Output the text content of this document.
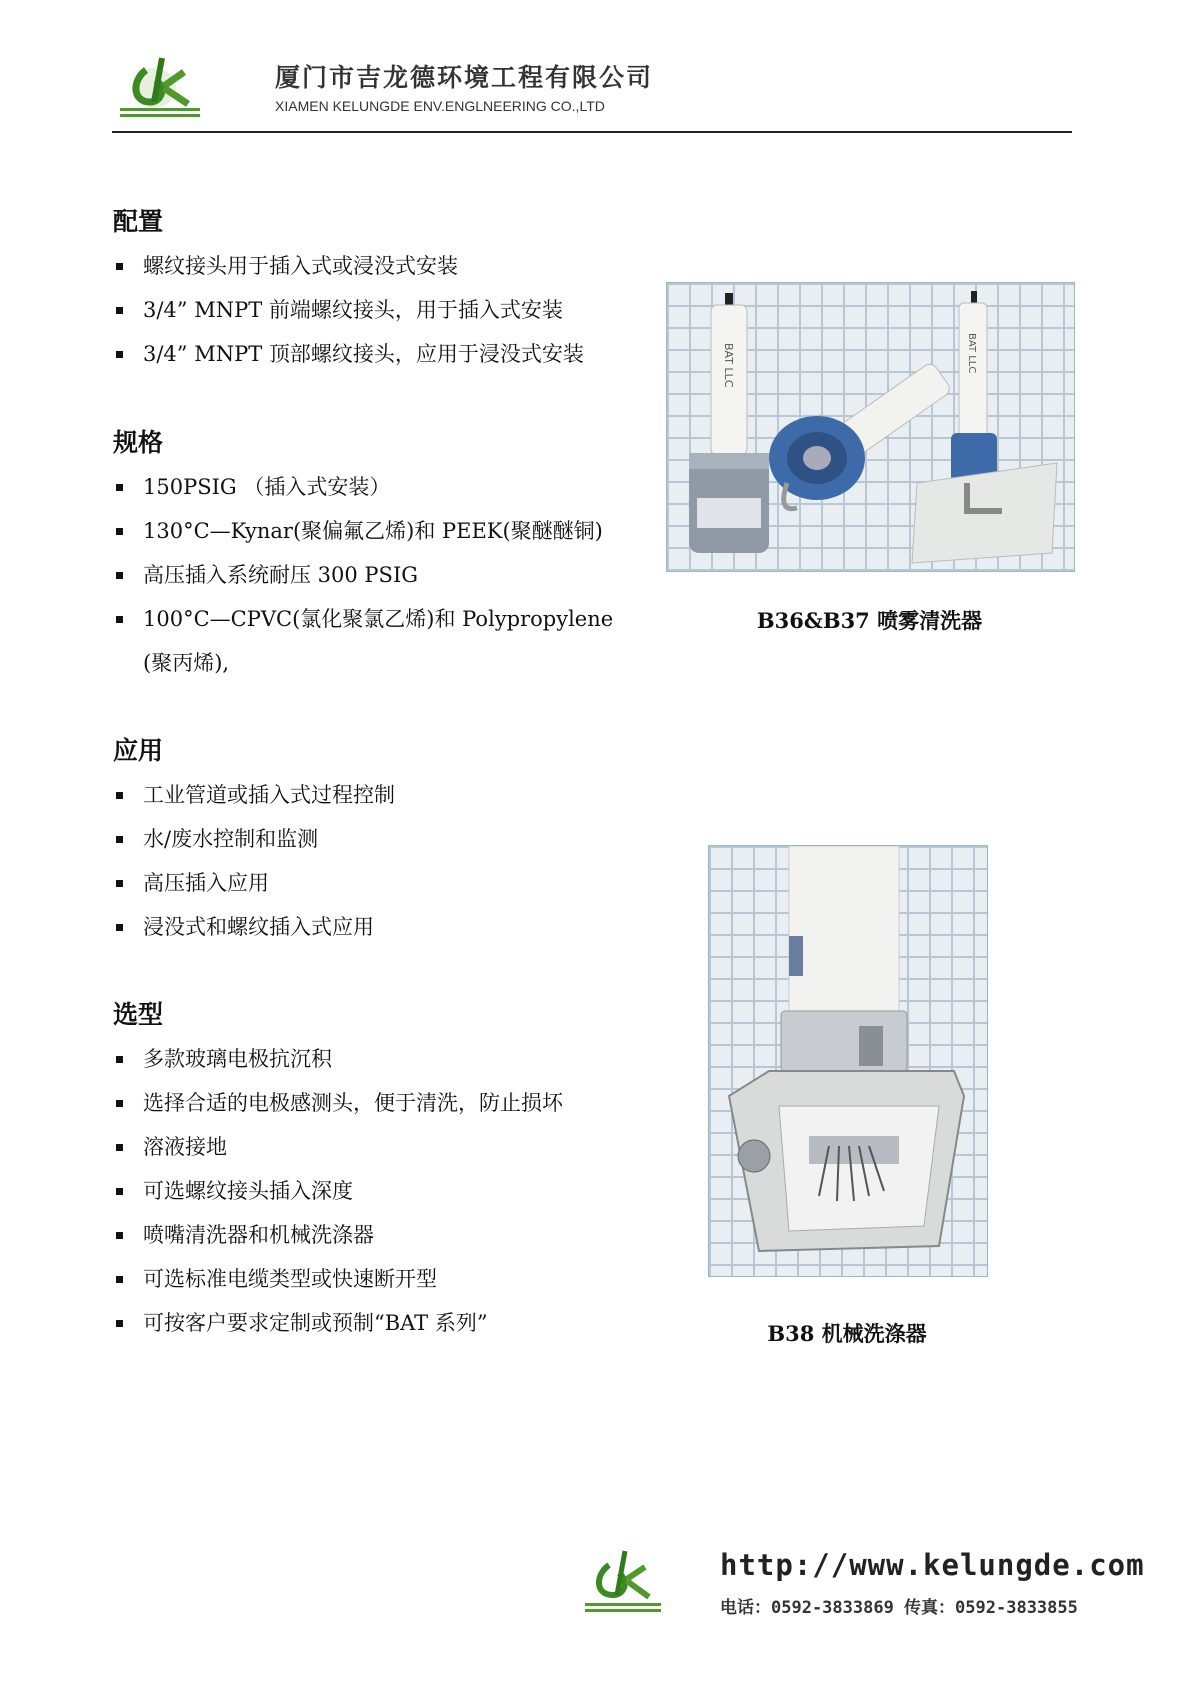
dk
厦门市吉龙德环境工程有限公司
XIAMEN KELUNGDE ENV.ENGLNEERING CO.,LTD
配置
螺纹接头用于插入式或浸没式安装
3/4” MNPT 前端螺纹接头，用于插入式安装
3/4” MNPT 顶部螺纹接头，应用于浸没式安装
规格
150PSIG （插入式安装）
130°C—Kynar(聚偏氟乙烯)和 PEEK(聚醚醚铜)
高压插入系统耐压 300 PSIG
100°C—CPVC(氯化聚氯乙烯)和 Polypropylene (聚丙烯),
应用
工业管道或插入式过程控制
水/废水控制和监测
高压插入应用
浸没式和螺纹插入式应用
选型
多款玻璃电极抗沉积
选择合适的电极感测头，便于清洗，防止损坏
溶液接地
可选螺纹接头插入深度
喷嘴清洗器和机械洗涤器
可选标准电缆类型或快速断开型
可按客户要求定制或预制“BAT 系列”
BAT LLC	BAT LLC
B36&B37 喷雾清洗器
B38 机械洗涤器
http://www.kelungde.com
电话：0592-3833869 传真：0592-3833855
